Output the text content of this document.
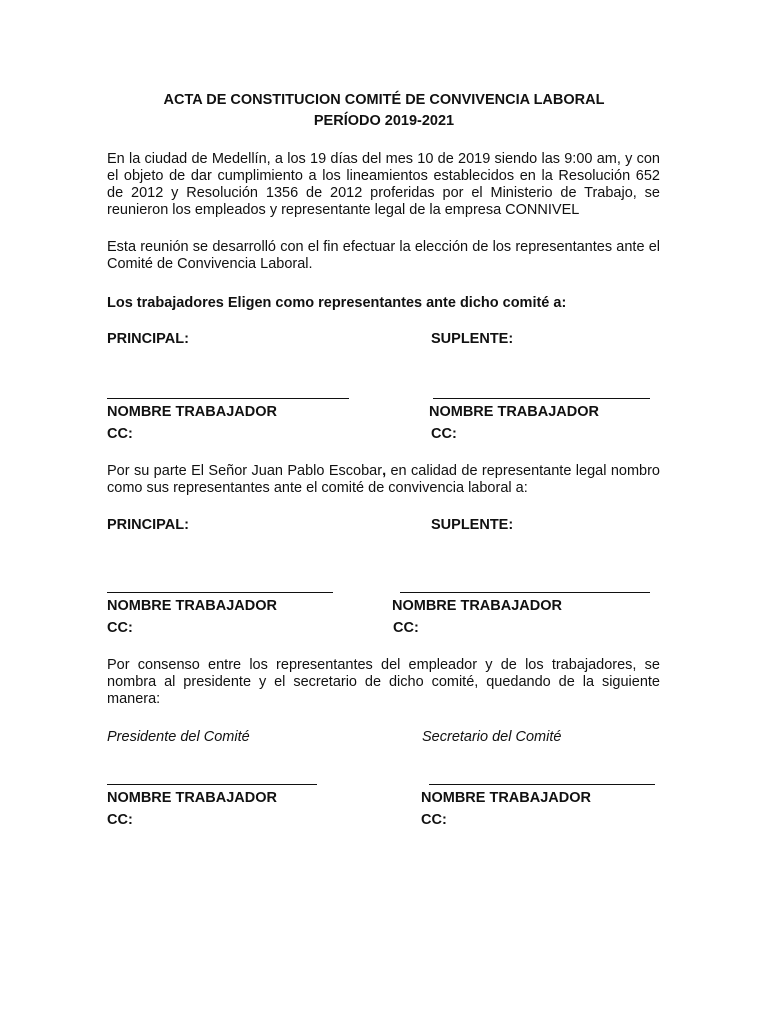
ACTA DE CONSTITUCION COMITÉ DE CONVIVENCIA LABORAL

PERÍODO 2019-2021

En la ciudad de Medellín, a los 19 días del mes 10 de 2019 siendo las 9:00 am, y con el objeto de dar cumplimiento a los lineamientos establecidos en la Resolución 652 de 2012 y Resolución 1356 de 2012 proferidas por el Ministerio de Trabajo, se reunieron los empleados y representante legal de la empresa CONNIVEL

Esta reunión se desarrolló con el fin efectuar la elección de los representantes ante el Comité de Convivencia Laboral.

Los trabajadores Eligen como representantes ante dicho comité a:

PRINCIPAL:	SUPLENTE:

NOMBRE TRABAJADOR	NOMBRE TRABAJADOR

CC:	CC:

Por su parte El Señor Juan Pablo Escobar, en calidad de representante legal nombro como sus representantes ante el comité de convivencia laboral a:

PRINCIPAL:	SUPLENTE:

NOMBRE TRABAJADOR	NOMBRE TRABAJADOR

CC:	CC:

Por consenso entre los representantes del empleador y de los trabajadores, se nombra al presidente y el secretario de dicho comité, quedando de la siguiente manera:

Presidente del Comité	Secretario del Comité

NOMBRE TRABAJADOR	NOMBRE TRABAJADOR

CC:	CC:
